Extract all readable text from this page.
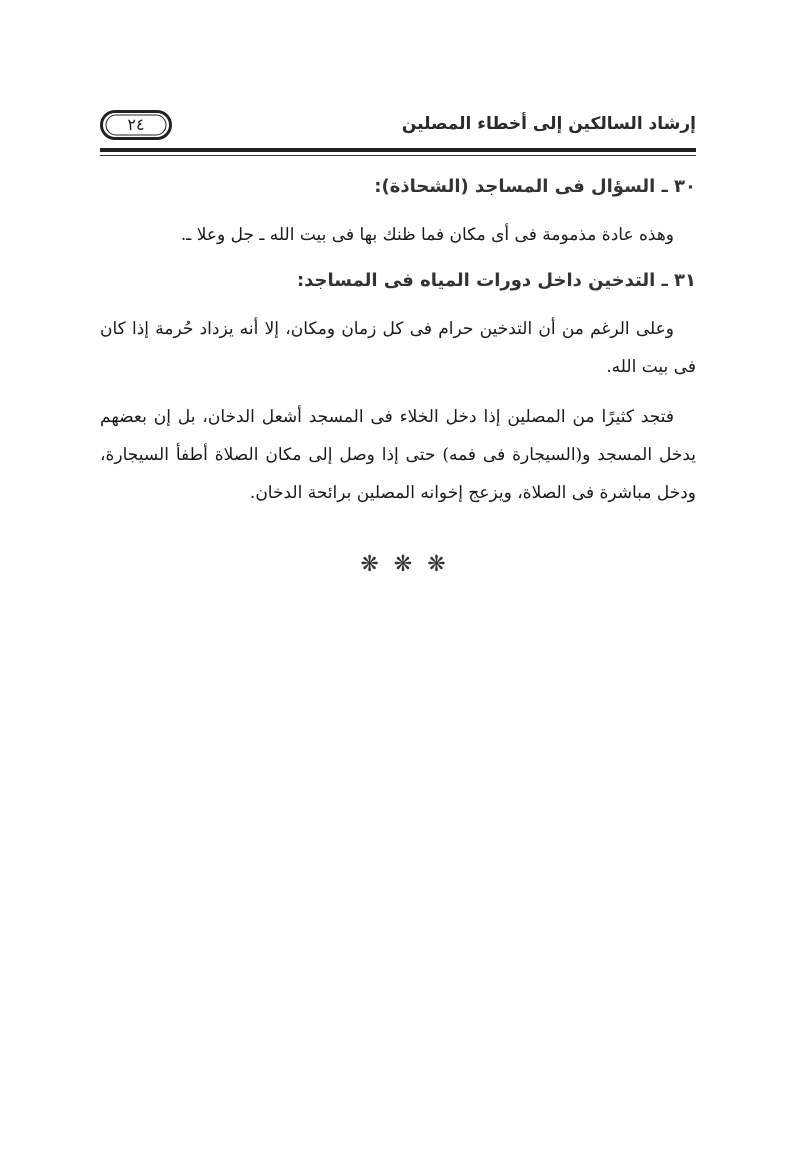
٢٤	إرشاد السالكين إلى أخطاء المصلين
٣٠ ـ السؤال فى المساجد (الشحاذة):

وهذه عادة مذمومة فى أى مكان فما ظنك بها فى بيت الله ـ جل وعلا ـ.

٣١ ـ التدخين داخل دورات المياه فى المساجد:

وعلى الرغم من أن التدخين حرام فى كل زمان ومكان، إلا أنه يزداد حُرمة إذا كان فى بيت الله.

فتجد كثيرًا من المصلين إذا دخل الخلاء فى المسجد أشعل الدخان، بل إن بعضهم يدخل المسجد و(السيجارة فى فمه) حتى إذا وصل إلى مكان الصلاة أطفأ السيجارة، ودخل مباشرة فى الصلاة، ويزعج إخوانه المصلين برائحة الدخان.

❋ ❋ ❋
